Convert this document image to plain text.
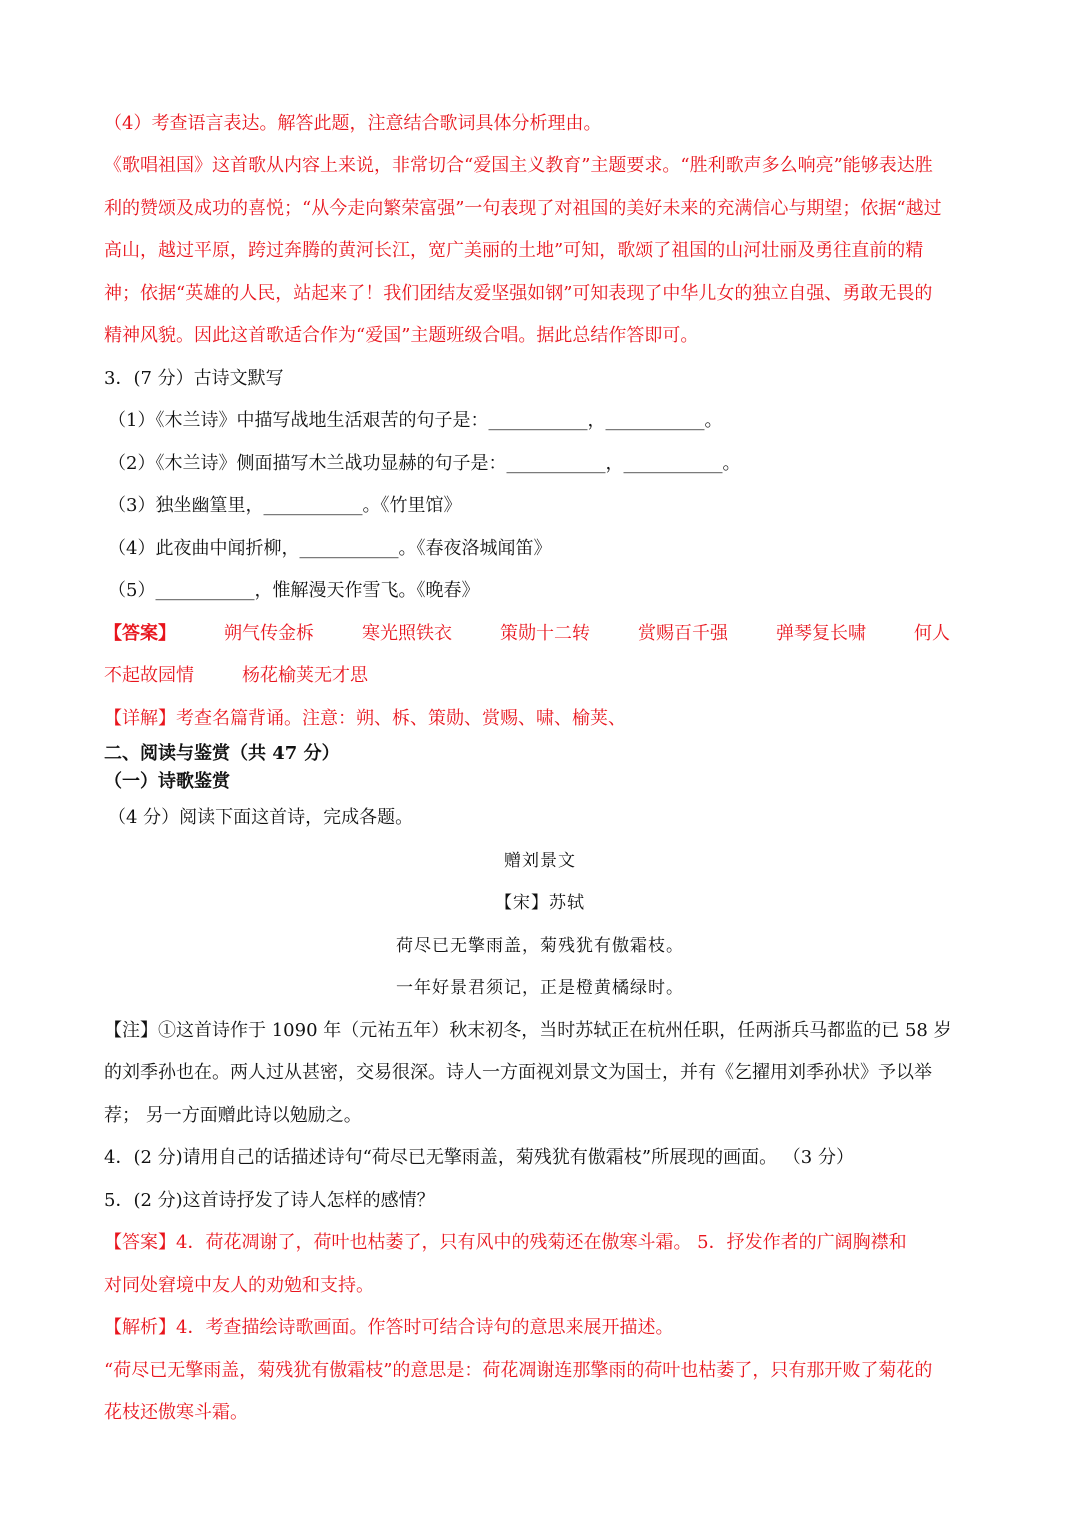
（4）考查语言表达。解答此题，注意结合歌词具体分析理由。
《歌唱祖国》这首歌从内容上来说，非常切合“爱国主义教育”主题要求。“胜利歌声多么响亮”能够表达胜
利的赞颂及成功的喜悦；“从今走向繁荣富强”一句表现了对祖国的美好未来的充满信心与期望；依据“越过
高山，越过平原，跨过奔腾的黄河长江，宽广美丽的土地”可知，歌颂了祖国的山河壮丽及勇往直前的精
神；依据“英雄的人民，站起来了！我们团结友爱坚强如钢”可知表现了中华儿女的独立自强、勇敢无畏的
精神风貌。因此这首歌适合作为“爱国”主题班级合唱。据此总结作答即可。
3．(7 分）古诗文默写
（1）《木兰诗》中描写战地生活艰苦的句子是：___________，___________。
（2）《木兰诗》侧面描写木兰战功显赫的句子是：___________，___________。
（3）独坐幽篁里，___________。《竹里馆》
（4）此夜曲中闻折柳，___________。《春夜洛城闻笛》
（5）___________，惟解漫天作雪飞。《晚春》
【答案】	朔气传金柝	寒光照铁衣	策勋十二转	赏赐百千强	弹琴复长啸	何人
不起故园情	杨花榆荚无才思
【详解】考查名篇背诵。注意：朔、柝、策勋、赏赐、啸、榆荚、
二、阅读与鉴赏（共 47 分）
（一）诗歌鉴赏
（4 分）阅读下面这首诗，完成各题。
赠刘景文
【宋】苏轼
荷尽已无擎雨盖，菊残犹有傲霜枝。
一年好景君须记，正是橙黄橘绿时。
【注】①这首诗作于 1090 年（元祐五年）秋末初冬，当时苏轼正在杭州任职，任两浙兵马都监的已 58 岁
的刘季孙也在。两人过从甚密，交易很深。诗人一方面视刘景文为国士，并有《乞擢用刘季孙状》予以举
荐； 另一方面赠此诗以勉励之。
4．(2 分)请用自己的话描述诗句“荷尽已无擎雨盖，菊残犹有傲霜枝”所展现的画面。 （3 分）
5．(2 分)这首诗抒发了诗人怎样的感情？
【答案】4．荷花凋谢了，荷叶也枯萎了，只有风中的残菊还在傲寒斗霜。 5．抒发作者的广阔胸襟和
对同处窘境中友人的劝勉和支持。
【解析】4．考查描绘诗歌画面。作答时可结合诗句的意思来展开描述。
“荷尽已无擎雨盖，菊残犹有傲霜枝”的意思是：荷花凋谢连那擎雨的荷叶也枯萎了，只有那开败了菊花的
花枝还傲寒斗霜。
